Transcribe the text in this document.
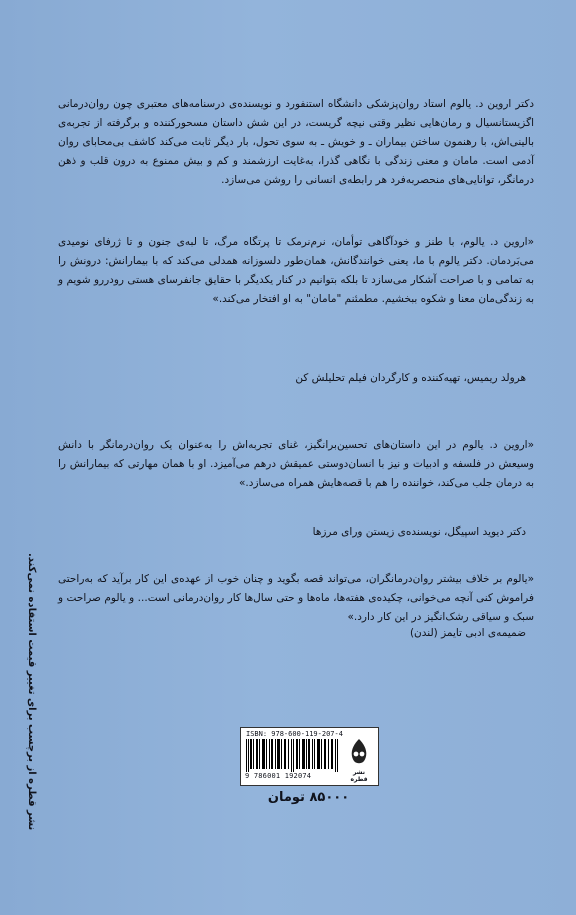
دکتر اروین د. یالوم استاد روان‌پزشکی دانشگاه استنفورد و نویسنده‌ی درسنامه‌های معتبری چون روان‌درمانی اگزیستانسیال و رمان‌هایی نظیر وقتی نیچه گریست، در این شش داستان مسحورکننده و برگرفته از تجربه‌ی بالینی‌اش، با رهنمون ساختن بیماران ـ و خویش ـ به سوی تحول، بار دیگر ثابت می‌کند کاشف بی‌محابای روان آدمی است. مامان و معنی زندگی با نگاهی گذرا، به‌غایت ارزشمند و کم و بیش ممنوع به درون قلب و ذهن درمانگر، توانایی‌های منحصربه‌فرد هر رابطه‌ی انسانی را روشن می‌سازد.
«اروین د. یالوم، با طنز و خودآگاهی توأمان، نرم‌نرمک تا پرتگاه مرگ، تا لبه‌ی جنون و تا ژرفای نومیدی می‌بَردمان. دکتر یالوم با ما، یعنی خوانندگانش، همان‌طور دلسوزانه همدلی می‌کند که با بیمارانش: درونش را به تمامی و با صراحت آشکار می‌سازد تا بلکه بتوانیم در کنار یکدیگر با حقایق جانفرسای هستی رودررو شویم و به زندگی‌مان معنا و شکوه ببخشیم. مطمئنم "مامان" به او افتخار می‌کند.»
هرولد ریمیس، تهیه‌کننده و کارگردان فیلم تحلیلش کن
«اروین د. یالوم در این داستان‌های تحسین‌برانگیز، غنای تجربه‌اش را به‌عنوان یک روان‌درمانگر با دانش وسیعش در فلسفه و ادبیات و نیز با انسان‌دوستی عمیقش درهم می‌آمیزد. او با همان مهارتی که بیمارانش را به درمان جلب می‌کند، خواننده را هم با قصه‌هایش همراه می‌سازد.»
دکتر دیوید اسپیگل، نویسنده‌ی زیستن ورای مرزها
«یالوم بر خلاف بیشتر روان‌درمانگران، می‌تواند قصه بگوید و چنان خوب از عهده‌ی این کار برآید که به‌راحتی فراموش کنی آنچه می‌خوانی، چکیده‌ی هفته‌ها، ماه‌ها و حتی سال‌ها کار روان‌درمانی است... و یالوم صراحت و سبک و سیاقی رشک‌انگیز در این کار دارد.»
ضمیمه‌ی ادبی تایمز (لندن)
نشر قطره از برچسب برای تغییر قیمت استفاده نمی‌کند.	ISBN: 978-600-119-207-4
9 786001 192074	نشر قطره
۸۵۰۰۰ تومان
